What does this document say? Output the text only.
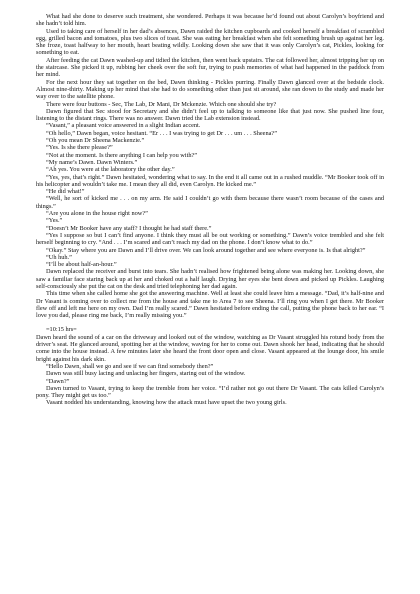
What had she done to deserve such treatment, she wondered. Perhaps it was because he’d found out about Carolyn’s boyfriend and she hadn’t told him.

Used to taking care of herself in her dad’s absences, Dawn raided the kitchen cupboards and cooked herself a breakfast of scrambled egg, grilled bacon and tomatoes, plus two slices of toast. She was eating her breakfast when she felt something brush up against her leg. She froze, toast halfway to her mouth, heart beating wildly. Looking down she saw that it was only Carolyn’s cat, Pickles, looking for something to eat.

After feeding the cat Dawn washed-up and tidied the kitchen, then went back upstairs. The cat followed her, almost tripping her up on the staircase. She picked it up, rubbing her cheek over the soft fur, trying to push memories of what had happened in the paddock from her mind.

For the next hour they sat together on the bed, Dawn thinking - Pickles purring. Finally Dawn glanced over at the bedside clock. Almost nine-thirty. Making up her mind that she had to do something other than just sit around, she ran down to the study and made her way over to the satellite phone.

There were four buttons - Sec, The Lab, Dr Mani, Dr Mckenzie. Which one should she try?

Dawn figured that Sec stood for Secretary and she didn’t feel up to talking to someone like that just now. She pushed line four, listening to the distant rings. There was no answer. Dawn tried the Lab extension instead.

“Vasant,” a pleasant voice answered in a slight Indian accent.

“Oh hello,” Dawn began, voice hesitant. “Er . . . I was trying to get Dr . . . um . . . Sheena?”

“Oh you mean Dr Sheena Mackenzie.”

“Yes. Is she there please?”

“Not at the moment. Is there anything I can help you with?”

“My name’s Dawn. Dawn Winters.”

“Ah yes. You were at the laboratory the other day.”

“Yes, yes, that’s right.” Dawn hesitated, wondering what to say. In the end it all came out in a rushed muddle. “Mr Booker took off in his helicopter and wouldn’t take me. I mean they all did, even Carolyn. He kicked me.”

“He did what!”

“Well, he sort of kicked me . . . on my arm. He said I couldn’t go with them because there wasn’t room because of the cases and things.”

“Are you alone in the house right now?”

“Yes.”

“Doesn’t Mr Booker have any staff? I thought he had staff there.”

“Yes I suppose so but I can’t find anyone. I think they must all be out working or something.” Dawn’s voice trembled and she felt herself beginning to cry. “And . . . I’m scared and can’t reach my dad on the phone. I don’t know what to do.”

“Okay.” Stay where you are Dawn and I’ll drive over. We can look around together and see where everyone is. Is that alright?”

“Uh huh.”

“I’ll be about half-an-hour.”

Dawn replaced the receiver and burst into tears. She hadn’t realised how frightened being alone was making her. Looking down, she saw a familiar face staring back up at her and choked out a half laugh. Drying her eyes she bent down and picked up Pickles. Laughing self-consciously she put the cat on the desk and tried telephoning her dad again.

This time when she called home she got the answering machine. Well at least she could leave him a message. “Dad, it’s half-nine and Dr Vasant is coming over to collect me from the house and take me to Area 7 to see Sheena. I’ll ring you when I get there. Mr Booker flew off and left me here on my own. Dad I’m really scared.” Dawn hesitated before ending the call, putting the phone back to her ear. “I love you dad, please ring me back, I’m really missing you.”

=10:15 hrs=

Dawn heard the sound of a car on the driveway and looked out of the window, watching as Dr Vasant struggled his rotund body from the driver’s seat. He glanced around, spotting her at the window, waving for her to come out. Dawn shook her head, indicating that he should come into the house instead. A few minutes later she heard the front door open and close. Vasant appeared at the lounge door, his smile bright against his dark skin.

“Hello Dawn, shall we go and see if we can find somebody then?”

Dawn was still busy lacing and unlacing her fingers, staring out of the window.

“Dawn?”

Dawn turned to Vasant, trying to keep the tremble from her voice. “I’d rather not go out there Dr Vasant. The cats killed Carolyn’s pony. They might get us too.”

Vasant nodded his understanding, knowing how the attack must have upset the two young girls.
